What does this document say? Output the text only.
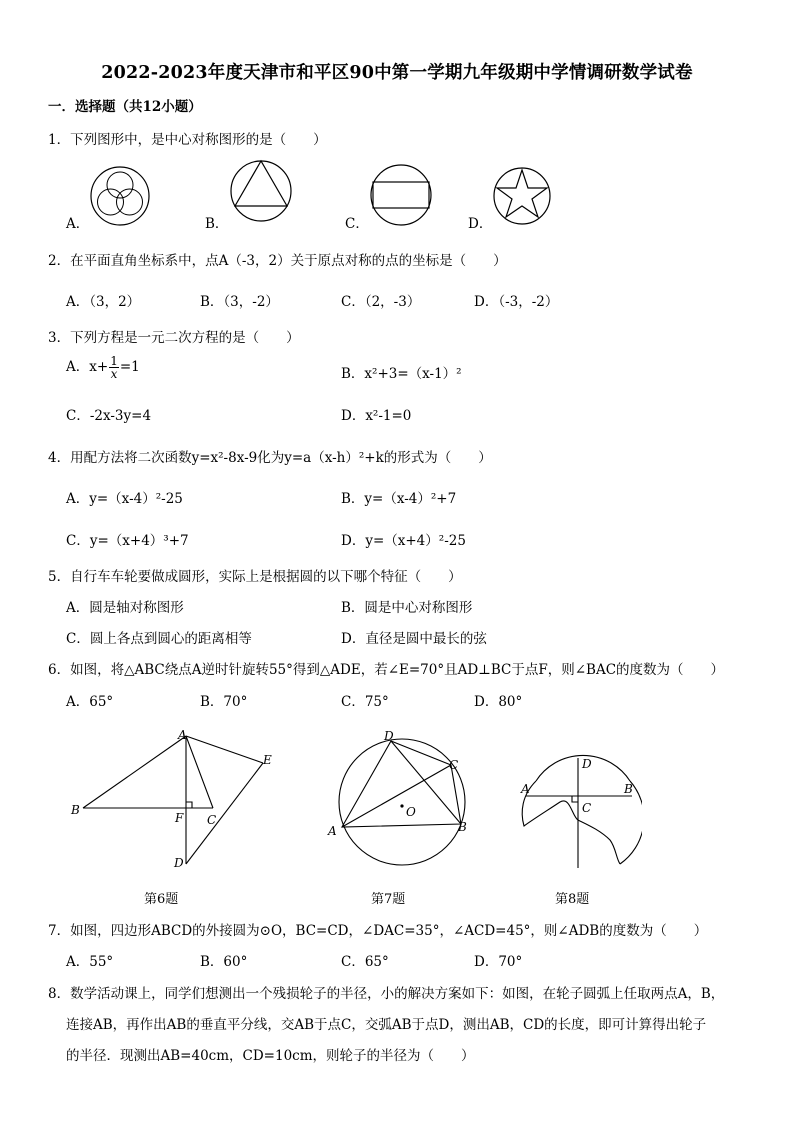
2022-2023年度天津市和平区90中第一学期九年级期中学情调研数学试卷
一．选择题（共12小题）
1．下列图形中，是中心对称图形的是（　　）
A．	B．	C．	D．
2．在平面直角坐标系中，点A（-3，2）关于原点对称的点的坐标是（　　）
A．（3，2）	B．（3，-2）	C．（2，-3）	D．（-3，-2）
3．下列方程是一元二次方程的是（　　）
A．$x+ \frac{1}{x} =1$	B．x²+3=（x-1）²
C．-2x-3y=4	D．x²-1=0
4．用配方法将二次函数y=x²-8x-9化为y=a（x-h）²+k的形式为（　　）
A．y=（x-4）²-25	B．y=（x-4）²+7
C．y=（x+4）³+7	D．y=（x+4）²-25
5．自行车车轮要做成圆形，实际上是根据圆的以下哪个特征（　　）
A．圆是轴对称图形	B．圆是中心对称图形
C．圆上各点到圆心的距离相等	D．直径是圆中最长的弦
6．如图，将△ABC绕点A逆时针旋转55°得到△ADE，若∠E=70°且AD⊥BC于点F，则∠BAC的度数为（　　）
A．65°	B．70°	C．75°	D．80°
A
B
C
D
E
F
D
C
B
A
O
D
A	B
C
第6题	第7题	第8题
7．如图，四边形ABCD的外接圆为⊙O，BC=CD，∠DAC=35°，∠ACD=45°，则∠ADB的度数为（　　）
A．55°	B．60°	C．65°	D．70°
8．数学活动课上，同学们想测出一个残损轮子的半径，小的解决方案如下：如图，在轮子圆弧上任取两点A，B，
连接AB，再作出AB的垂直平分线，交AB于点C，交弧AB于点D，测出AB，CD的长度，即可计算得出轮子
的半径．现测出AB=40cm，CD=10cm，则轮子的半径为（　　）
